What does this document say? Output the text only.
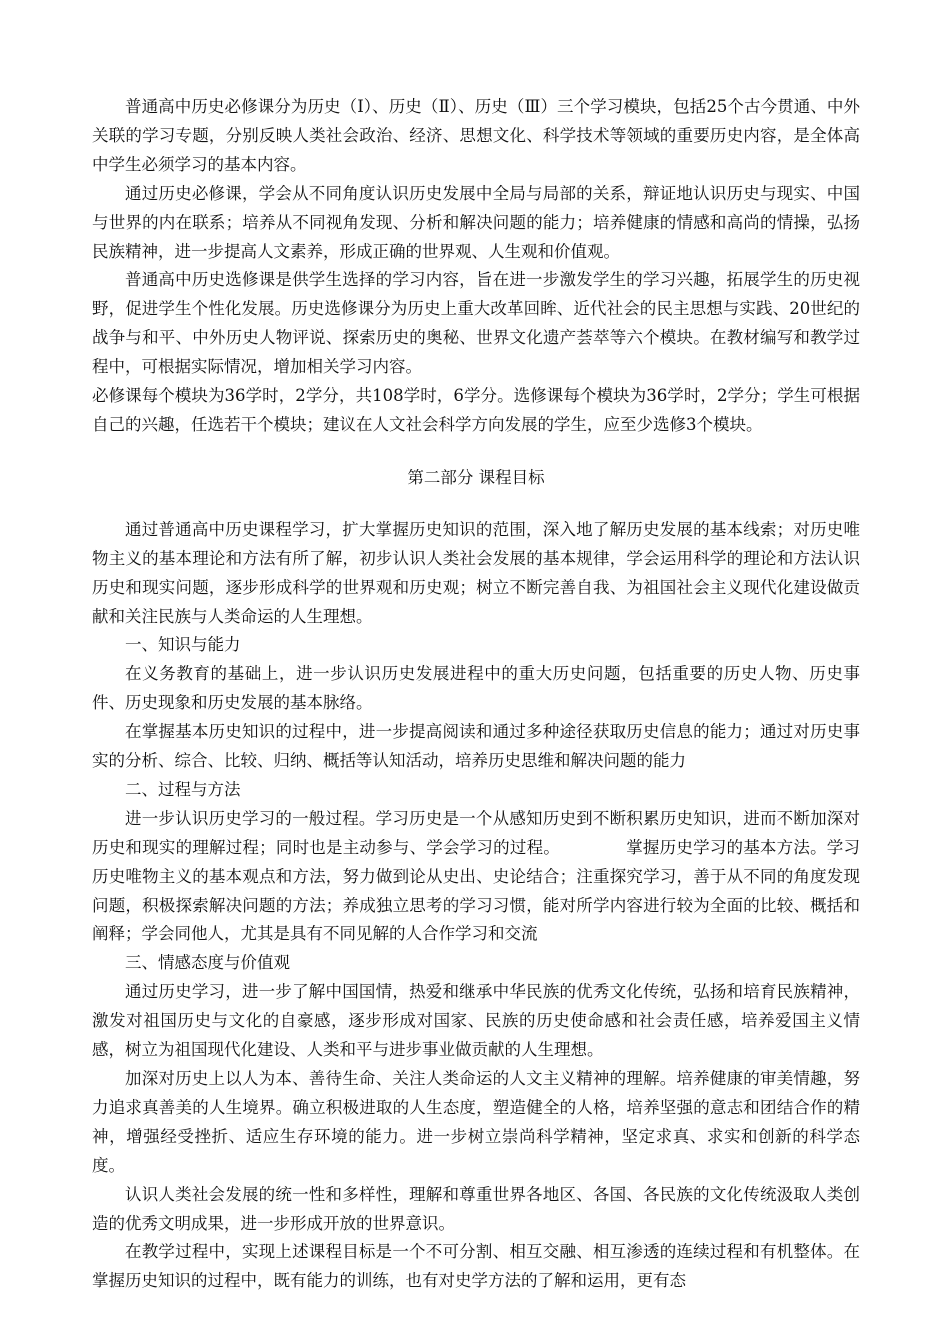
普通高中历史必修课分为历史（Ⅰ）、历史（Ⅱ）、历史（Ⅲ）三个学习模块，包括25个古今贯通、中外关联的学习专题，分别反映人类社会政治、经济、思想文化、科学技术等领域的重要历史内容，是全体高中学生必须学习的基本内容。

通过历史必修课，学会从不同角度认识历史发展中全局与局部的关系，辩证地认识历史与现实、中国与世界的内在联系；培养从不同视角发现、分析和解决问题的能力；培养健康的情感和高尚的情操，弘扬民族精神，进一步提高人文素养，形成正确的世界观、人生观和价值观。

普通高中历史选修课是供学生选择的学习内容，旨在进一步激发学生的学习兴趣，拓展学生的历史视野，促进学生个性化发展。历史选修课分为历史上重大改革回眸、近代社会的民主思想与实践、20世纪的战争与和平、中外历史人物评说、探索历史的奥秘、世界文化遗产荟萃等六个模块。在教材编写和教学过程中，可根据实际情况，增加相关学习内容。

必修课每个模块为36学时，2学分，共108学时，6学分。选修课每个模块为36学时，2学分；学生可根据自己的兴趣，任选若干个模块；建议在人文社会科学方向发展的学生，应至少选修3个模块。

第二部分 课程目标

通过普通高中历史课程学习，扩大掌握历史知识的范围，深入地了解历史发展的基本线索；对历史唯物主义的基本理论和方法有所了解，初步认识人类社会发展的基本规律，学会运用科学的理论和方法认识历史和现实问题，逐步形成科学的世界观和历史观；树立不断完善自我、为祖国社会主义现代化建设做贡献和关注民族与人类命运的人生理想。

一、知识与能力

在义务教育的基础上，进一步认识历史发展进程中的重大历史问题，包括重要的历史人物、历史事件、历史现象和历史发展的基本脉络。

在掌握基本历史知识的过程中，进一步提高阅读和通过多种途径获取历史信息的能力；通过对历史事实的分析、综合、比较、归纳、概括等认知活动，培养历史思维和解决问题的能力

二、过程与方法

进一步认识历史学习的一般过程。学习历史是一个从感知历史到不断积累历史知识，进而不断加深对历史和现实的理解过程；同时也是主动参与、学会学习的过程。	掌握历史学习的基本方法。学习历史唯物主义的基本观点和方法，努力做到论从史出、史论结合；注重探究学习，善于从不同的角度发现问题，积极探索解决问题的方法；养成独立思考的学习习惯，能对所学内容进行较为全面的比较、概括和阐释；学会同他人，尤其是具有不同见解的人合作学习和交流

三、情感态度与价值观

通过历史学习，进一步了解中国国情，热爱和继承中华民族的优秀文化传统，弘扬和培育民族精神，激发对祖国历史与文化的自豪感，逐步形成对国家、民族的历史使命感和社会责任感，培养爱国主义情感，树立为祖国现代化建设、人类和平与进步事业做贡献的人生理想。

加深对历史上以人为本、善待生命、关注人类命运的人文主义精神的理解。培养健康的审美情趣，努力追求真善美的人生境界。确立积极进取的人生态度，塑造健全的人格，培养坚强的意志和团结合作的精神，增强经受挫折、适应生存环境的能力。进一步树立崇尚科学精神，坚定求真、求实和创新的科学态度。

认识人类社会发展的统一性和多样性，理解和尊重世界各地区、各国、各民族的文化传统汲取人类创造的优秀文明成果，进一步形成开放的世界意识。

在教学过程中，实现上述课程目标是一个不可分割、相互交融、相互渗透的连续过程和有机整体。在掌握历史知识的过程中，既有能力的训练，也有对史学方法的了解和运用，更有态
